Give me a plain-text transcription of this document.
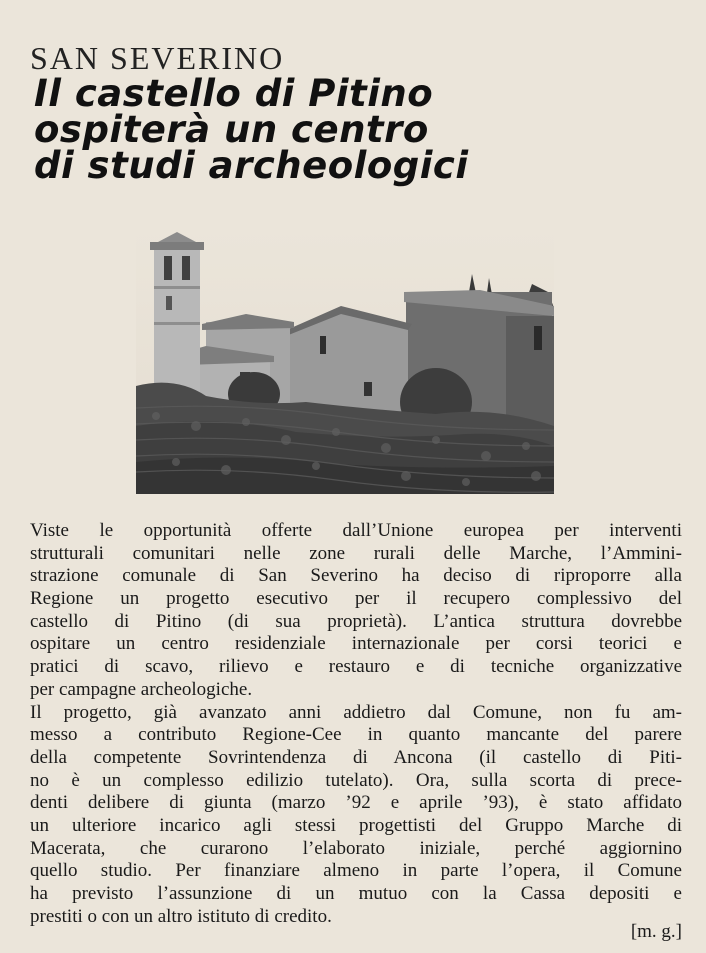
SAN SEVERINO
Il castello di Pitino
ospiterà un centro
di studi archeologici
Viste le opportunità offerte dall’Unione europea per interventi
strutturali comunitari nelle zone rurali delle Marche, l’Ammini-
strazione comunale di San Severino ha deciso di riproporre alla
Regione un progetto esecutivo per il recupero complessivo del
castello di Pitino (di sua proprietà). L’antica struttura dovrebbe
ospitare un centro residenziale internazionale per corsi teorici e
pratici di scavo, rilievo e restauro e di tecniche organizzative
per campagne archeologiche.
Il progetto, già avanzato anni addietro dal Comune, non fu am-
messo a contributo Regione-Cee in quanto mancante del parere
della competente Sovrintendenza di Ancona (il castello di Piti-
no è un complesso edilizio tutelato). Ora, sulla scorta di prece-
denti delibere di giunta (marzo ’92 e aprile ’93), è stato affidato
un ulteriore incarico agli stessi progettisti del Gruppo Marche di
Macerata, che curarono l’elaborato iniziale, perché aggiornino
quello studio. Per finanziare almeno in parte l’opera, il Comune
ha previsto l’assunzione di un mutuo con la Cassa depositi e
prestiti o con un altro istituto di credito.
[m. g.]
